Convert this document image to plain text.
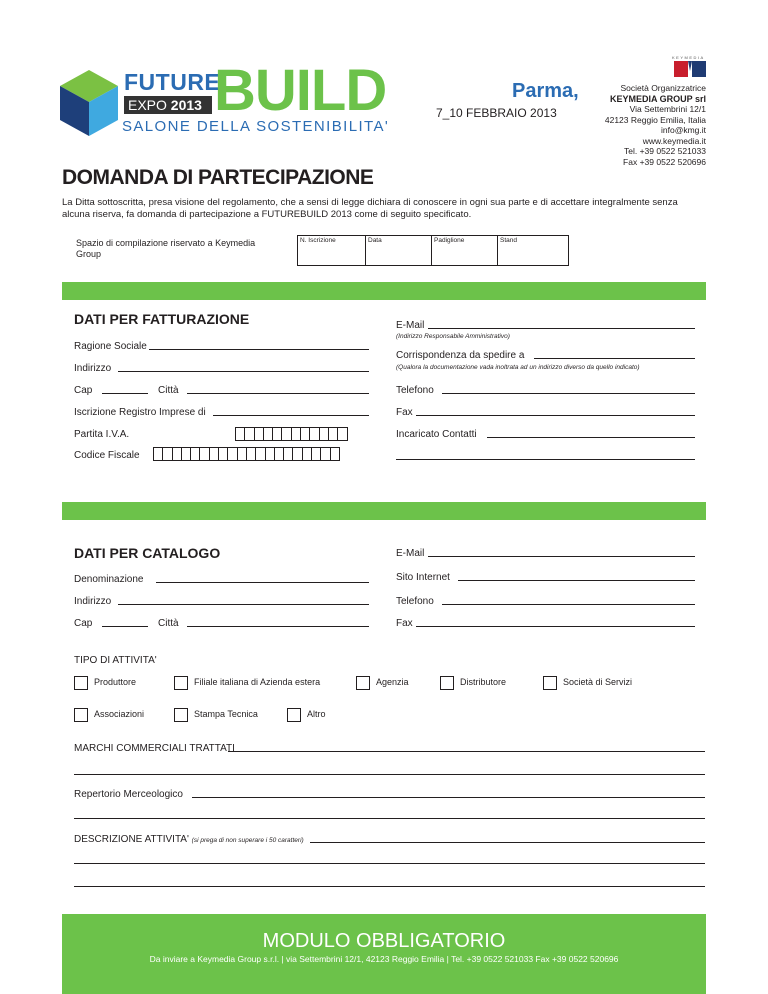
FUTURE
EXPO 2013 BUILD
SALONE DELLA SOSTENIBILITA'
Parma,
7_10 FEBBRAIO 2013
KEYMEDIA
Società Organizzatrice
KEYMEDIA GROUP srl
Via Settembrini 12/1
42123 Reggio Emilia, Italia
info@kmg.it
www.keymedia.it
Tel. +39 0522 521033
Fax +39 0522 520696
DOMANDA DI PARTECIPAZIONE
La Ditta sottoscritta, presa visione del regolamento, che a sensi di legge dichiara di conoscere in ogni sua parte e di accettare integralmente senza alcuna riserva, fa domanda di partecipazione a FUTUREBUILD 2013 come di seguito specificato.
Spazio di compilazione riservato a Keymedia Group
N. Iscrizione	Data	Padiglione	Stand
DATI PER FATTURAZIONE
Ragione Sociale
Indirizzo
Cap	Città
Iscrizione Registro Imprese di
Partita I.V.A.
Codice Fiscale
E-Mail
(Indirizzo Responsabile Amministrativo)
Corrispondenza da spedire a
(Qualora la documentazione vada inoltrata ad un indirizzo diverso da quello indicato)
Telefono
Fax
Incaricato Contatti
DATI PER CATALOGO
Denominazione
Indirizzo
Cap	Città
E-Mail
Sito Internet
Telefono
Fax
TIPO DI ATTIVITA'
Produttore	Filiale italiana di Azienda estera	Agenzia	Distributore	Società di Servizi
Associazioni	Stampa Tecnica	Altro
MARCHI COMMERCIALI TRATTATI
Repertorio Merceologico
DESCRIZIONE ATTIVITA' (si prega di non superare i 50 caratteri)
MODULO OBBLIGATORIO
Da inviare a Keymedia Group s.r.l. | via Settembrini 12/1, 42123 Reggio Emilia | Tel. +39 0522 521033 Fax +39 0522 520696
